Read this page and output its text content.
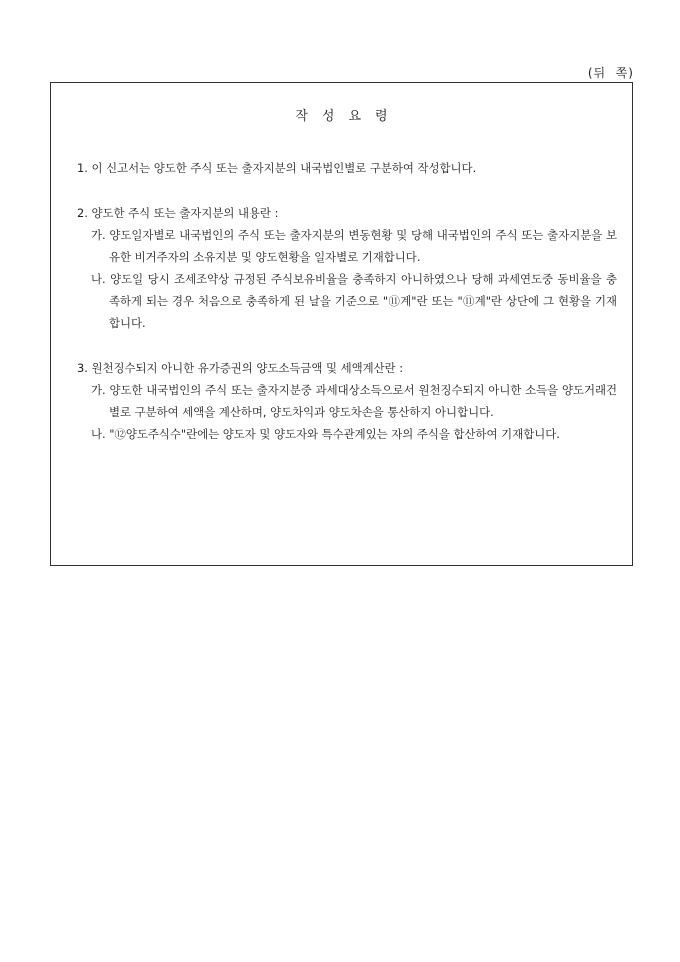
(뒤  쪽)
작성요령

1. 이 신고서는 양도한 주식 또는 출자지분의 내국법인별로 구분하여 작성합니다.

2. 양도한 주식 또는 출자지분의 내용란 :

가. 양도일자별로 내국법인의 주식 또는 출자지분의 변동현황 및 당해 내국법인의 주식 또는 출자지분을 보유한 비거주자의 소유지분 및 양도현황을 일자별로 기재합니다.

나. 양도일 당시 조세조약상 규정된 주식보유비율을 충족하지 아니하였으나 당해 과세연도중 동비율을 충족하게 되는 경우 처음으로 충족하게 된 날을 기준으로 "⑪계"란 또는 "⑪계"란 상단에 그 현황을 기재합니다.

3. 원천징수되지 아니한 유가증권의 양도소득금액 및 세액계산란 :

가. 양도한 내국법인의 주식 또는 출자지분중 과세대상소득으로서 원천징수되지 아니한 소득을 양도거래건별로 구분하여 세액을 계산하며, 양도차익과 양도차손을 통산하지 아니합니다.

나. "⑫양도주식수"란에는 양도자 및 양도자와 특수관계있는 자의 주식을 합산하여 기재합니다.
